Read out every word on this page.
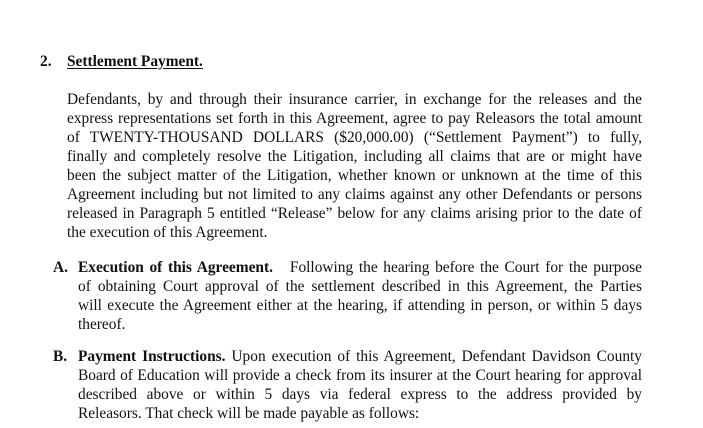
2. Settlement Payment.
Defendants, by and through their insurance carrier, in exchange for the releases and the
express representations set forth in this Agreement, agree to pay Releasors the total amount
of TWENTY-THOUSAND DOLLARS ($20,000.00) (“Settlement Payment”) to fully,
finally and completely resolve the Litigation, including all claims that are or might have
been the subject matter of the Litigation, whether known or unknown at the time of this
Agreement including but not limited to any claims against any other Defendants or persons
released in Paragraph 5 entitled “Release” below for any claims arising prior to the date of
the execution of this Agreement.
A. Execution of this Agreement. Following the hearing before the Court for the purpose
of obtaining Court approval of the settlement described in this Agreement, the Parties
will execute the Agreement either at the hearing, if attending in person, or within 5 days
thereof.
B. Payment Instructions. Upon execution of this Agreement, Defendant Davidson County
Board of Education will provide a check from its insurer at the Court hearing for approval
described above or within 5 days via federal express to the address provided by
Releasors. That check will be made payable as follows:
